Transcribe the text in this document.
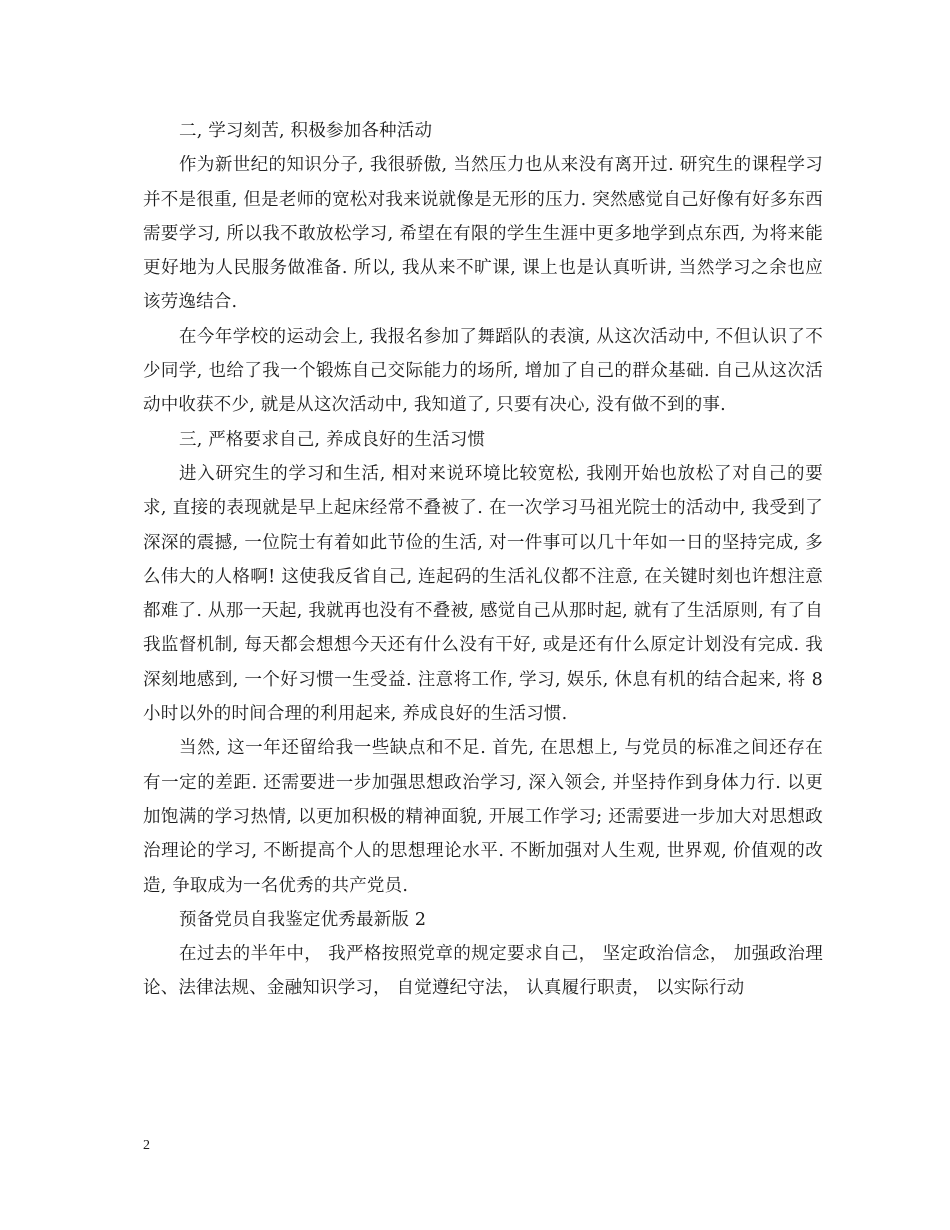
二, 学习刻苦, 积极参加各种活动

作为新世纪的知识分子, 我很骄傲, 当然压力也从来没有离开过. 研究生的课程学习并不是很重, 但是老师的宽松对我来说就像是无形的压力. 突然感觉自己好像有好多东西需要学习, 所以我不敢放松学习, 希望在有限的学生生涯中更多地学到点东西, 为将来能更好地为人民服务做准备. 所以, 我从来不旷课, 课上也是认真听讲, 当然学习之余也应该劳逸结合.

在今年学校的运动会上, 我报名参加了舞蹈队的表演, 从这次活动中, 不但认识了不少同学, 也给了我一个锻炼自己交际能力的场所, 增加了自己的群众基础. 自己从这次活动中收获不少, 就是从这次活动中, 我知道了, 只要有决心, 没有做不到的事.

三, 严格要求自己, 养成良好的生活习惯

进入研究生的学习和生活, 相对来说环境比较宽松, 我刚开始也放松了对自己的要求, 直接的表现就是早上起床经常不叠被了. 在一次学习马祖光院士的活动中, 我受到了深深的震撼, 一位院士有着如此节俭的生活, 对一件事可以几十年如一日的坚持完成, 多么伟大的人格啊! 这使我反省自己, 连起码的生活礼仪都不注意, 在关键时刻也许想注意都难了. 从那一天起, 我就再也没有不叠被, 感觉自己从那时起, 就有了生活原则, 有了自我监督机制, 每天都会想想今天还有什么没有干好, 或是还有什么原定计划没有完成. 我深刻地感到, 一个好习惯一生受益. 注意将工作, 学习, 娱乐, 休息有机的结合起来, 将 8 小时以外的时间合理的利用起来, 养成良好的生活习惯.

当然, 这一年还留给我一些缺点和不足. 首先, 在思想上, 与党员的标准之间还存在有一定的差距. 还需要进一步加强思想政治学习, 深入领会, 并坚持作到身体力行. 以更加饱满的学习热情, 以更加积极的精神面貌, 开展工作学习; 还需要进一步加大对思想政治理论的学习, 不断提高个人的思想理论水平. 不断加强对人生观, 世界观, 价值观的改造, 争取成为一名优秀的共产党员.

预备党员自我鉴定优秀最新版 2

在过去的半年中， 我严格按照党章的规定要求自己， 坚定政治信念， 加强政治理论、法律法规、金融知识学习， 自觉遵纪守法， 认真履行职责， 以实际行动

2
